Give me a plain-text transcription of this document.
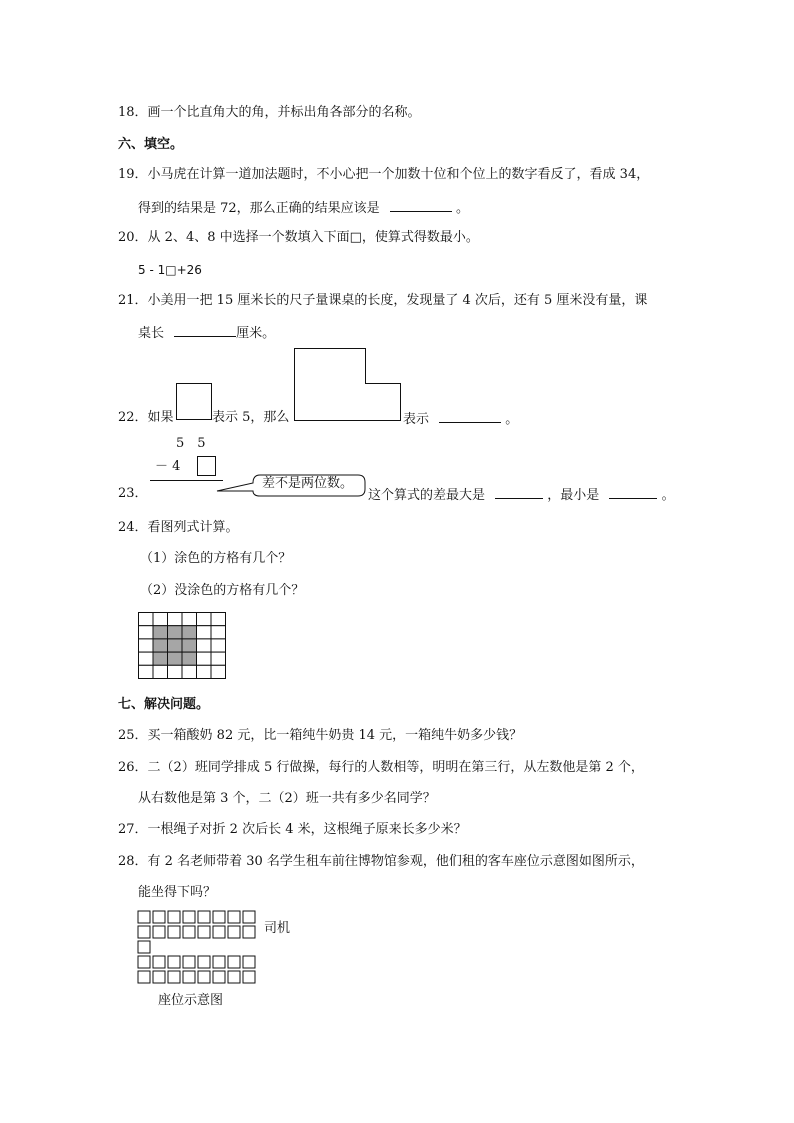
18．画一个比直角大的角，并标出角各部分的名称。
六、填空。
19．小马虎在计算一道加法题时，不小心把一个加数十位和个位上的数字看反了，看成 34，
得到的结果是 72，那么正确的结果应该是	。
20．从 2、4、8 中选择一个数填入下面□，使算式得数最小。
5 - 1□+26
21．小美用一把 15 厘米长的尺子量课桌的长度，发现量了 4 次后，还有 5 厘米没有量，课
桌长	厘米。
22．如果	表示 5，那么	表示	。
5　5
－ 4
23．
差不是两位数。
这个算式的差最大是	，最小是	。
24．看图列式计算。
（1）涂色的方格有几个？
（2）没涂色的方格有几个？
七、解决问题。
25．买一箱酸奶 82 元，比一箱纯牛奶贵 14 元，一箱纯牛奶多少钱？
26．二（2）班同学排成 5 行做操，每行的人数相等，明明在第三行，从左数他是第 2 个，
从右数他是第 3 个，二（2）班一共有多少名同学？
27．一根绳子对折 2 次后长 4 米，这根绳子原来长多少米？
28．有 2 名老师带着 30 名学生租车前往博物馆参观，他们租的客车座位示意图如图所示，
能坐得下吗？
司机
座位示意图
